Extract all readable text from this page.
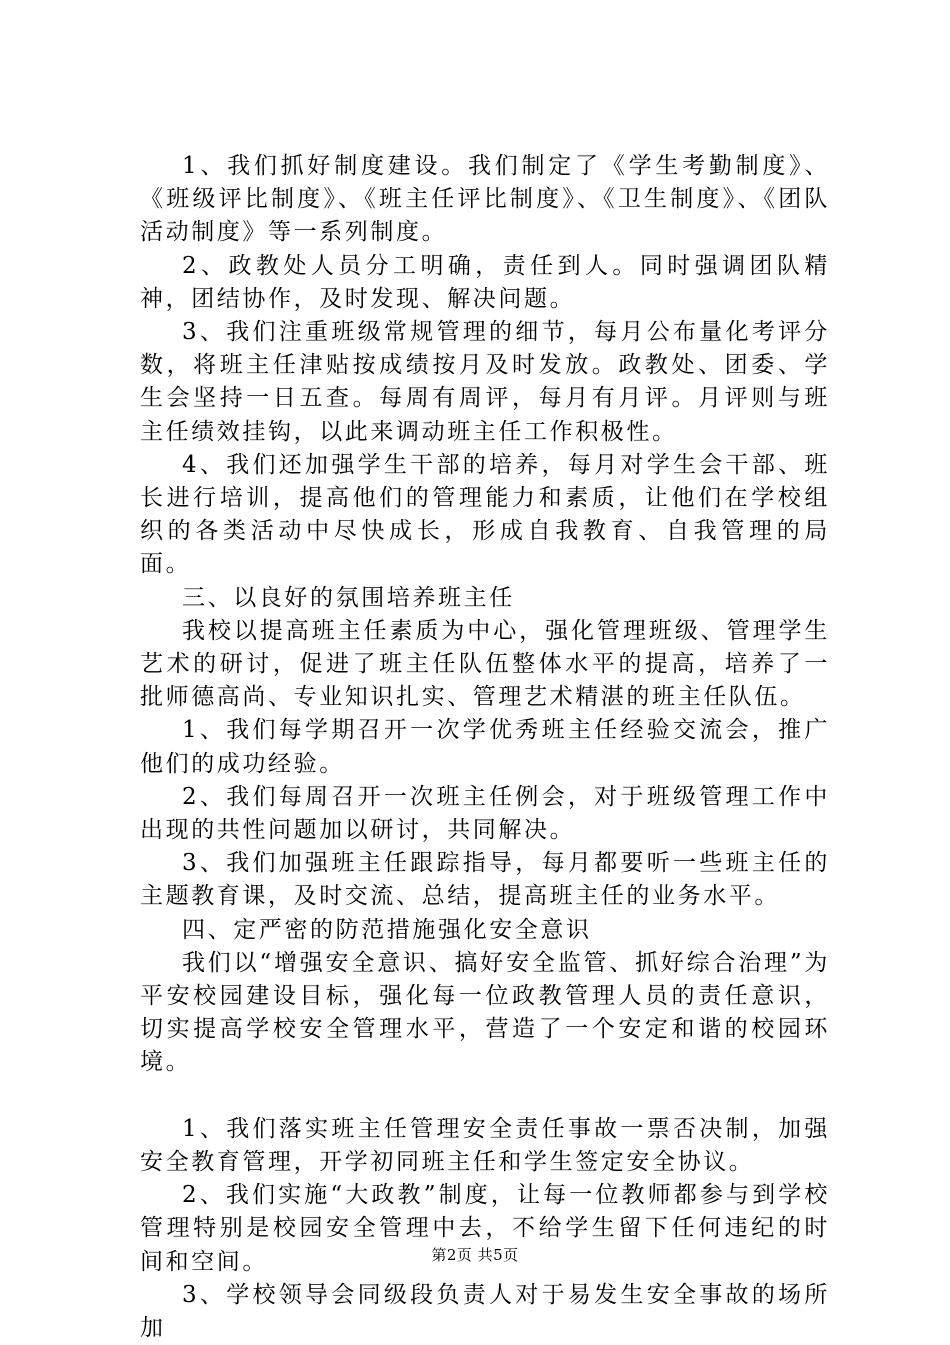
1、我们抓好制度建设。我们制定了《学生考勤制度》、《班级评比制度》、《班主任评比制度》、《卫生制度》、《团队活动制度》等一系列制度。

2、政教处人员分工明确，责任到人。同时强调团队精神，团结协作，及时发现、解决问题。

3、我们注重班级常规管理的细节，每月公布量化考评分数，将班主任津贴按成绩按月及时发放。政教处、团委、学生会坚持一日五查。每周有周评，每月有月评。月评则与班主任绩效挂钩，以此来调动班主任工作积极性。

4、我们还加强学生干部的培养，每月对学生会干部、班长进行培训，提高他们的管理能力和素质，让他们在学校组织的各类活动中尽快成长，形成自我教育、自我管理的局面。

三、以良好的氛围培养班主任

我校以提高班主任素质为中心，强化管理班级、管理学生艺术的研讨，促进了班主任队伍整体水平的提高，培养了一批师德高尚、专业知识扎实、管理艺术精湛的班主任队伍。

1、我们每学期召开一次学优秀班主任经验交流会，推广他们的成功经验。

2、我们每周召开一次班主任例会，对于班级管理工作中出现的共性问题加以研讨，共同解决。

3、我们加强班主任跟踪指导，每月都要听一些班主任的主题教育课，及时交流、总结，提高班主任的业务水平。

四、定严密的防范措施强化安全意识

我们以“增强安全意识、搞好安全监管、抓好综合治理”为平安校园建设目标，强化每一位政教管理人员的责任意识，切实提高学校安全管理水平，营造了一个安定和谐的校园环境。

1、我们落实班主任管理安全责任事故一票否决制，加强安全教育管理，开学初同班主任和学生签定安全协议。

2、我们实施“大政教”制度，让每一位教师都参与到学校管理特别是校园安全管理中去，不给学生留下任何违纪的时间和空间。

3、学校领导会同级段负责人对于易发生安全事故的场所加

第2页 共5页
